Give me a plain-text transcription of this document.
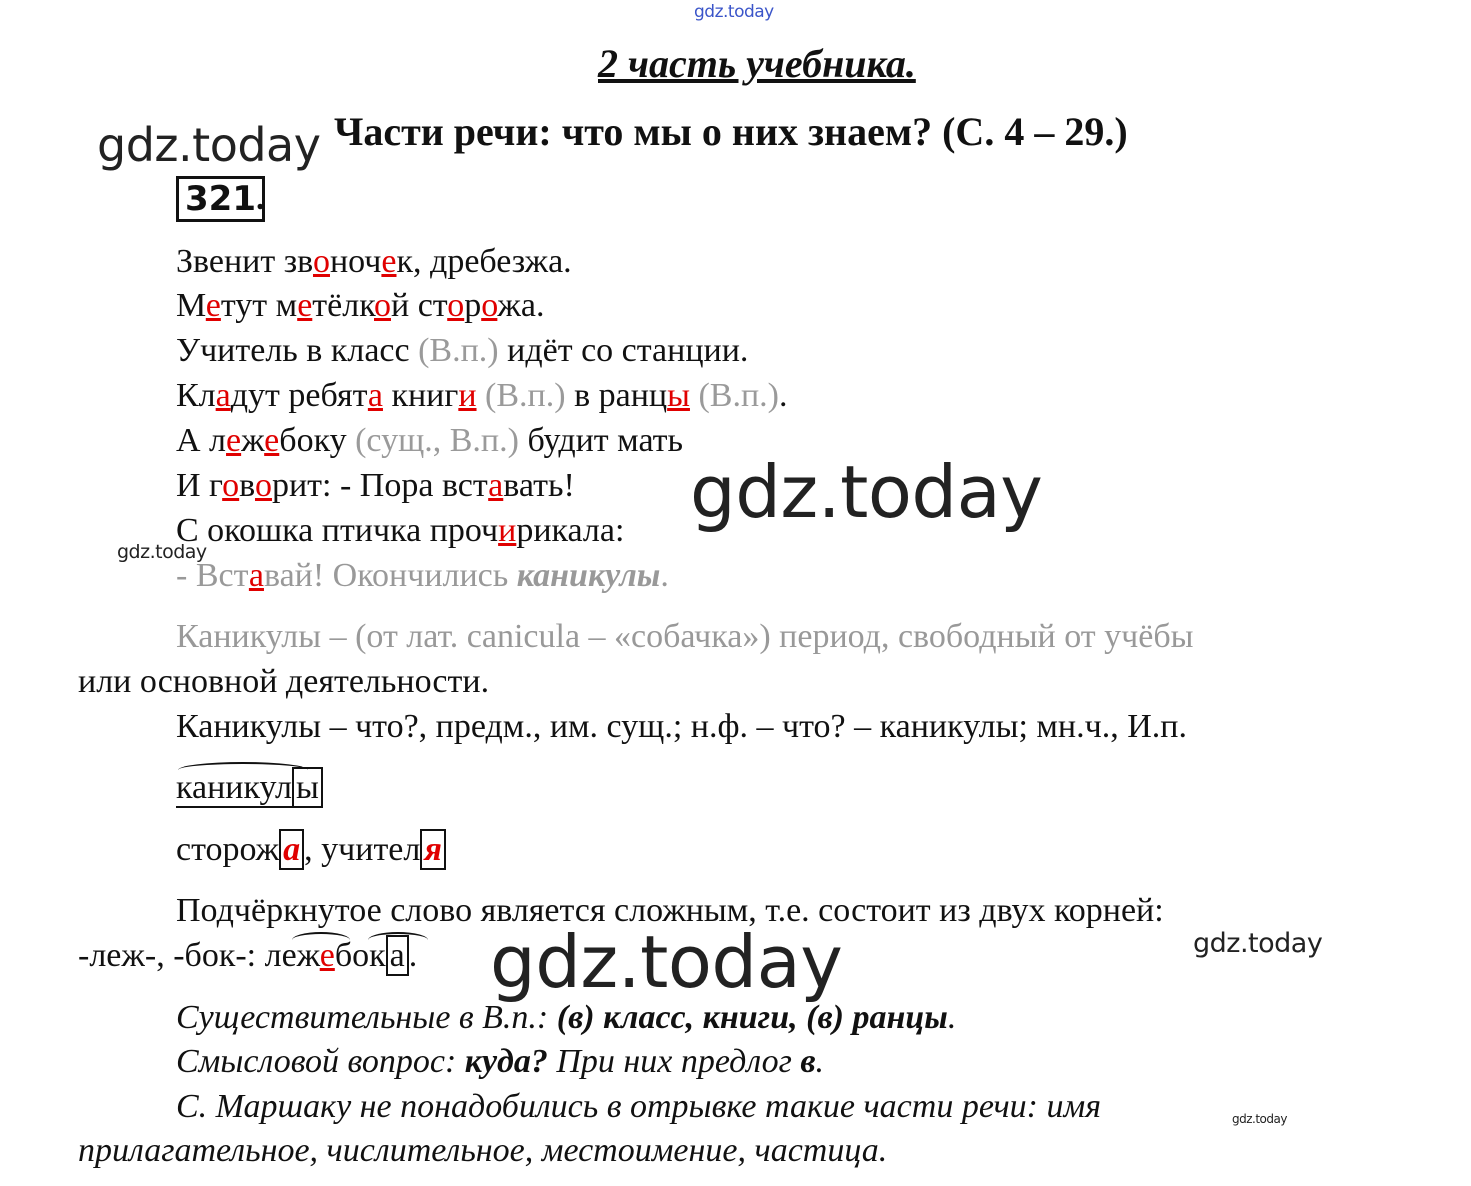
gdz.today
gdz.today
gdz.today
gdz.today
gdz.today
2 часть учебника.
Части речи: что мы о них знаем? (С. 4 – 29.)
321 .
Звенит звоночек, дребезжа.
Метут метёлкой сторожа.
Учитель в класс (В.п.) идёт со станции.
Кладут ребята книги (В.п.) в ранцы (В.п.).
А лежебоку (сущ., В.п.) будит мать
И говорит: - Пора вставать!
С окошка птичка прочирикала:
- Вставай! Окончились каникулы.
Каникулы – (от лат. canicula – «собачка») период, свободный от учёбы
или основной деятельности.
Каникулы – что?, предм., им. сущ.; н.ф. – что? – каникулы; мн.ч., И.п.
каникул ы
сторож а , учител я
Подчёркнутое слово является сложным, т.е. состоит из двух корней:
-леж-, -бок-: лежебок а .
Существительные в В.п.: (в) класс, книги, (в) ранцы.
Смысловой вопрос: куда? При них предлог в.
С. Маршаку не понадобились в отрывке такие части речи: имя
прилагательное, числительное, местоимение, частица.
gdz.today
gdz.today
